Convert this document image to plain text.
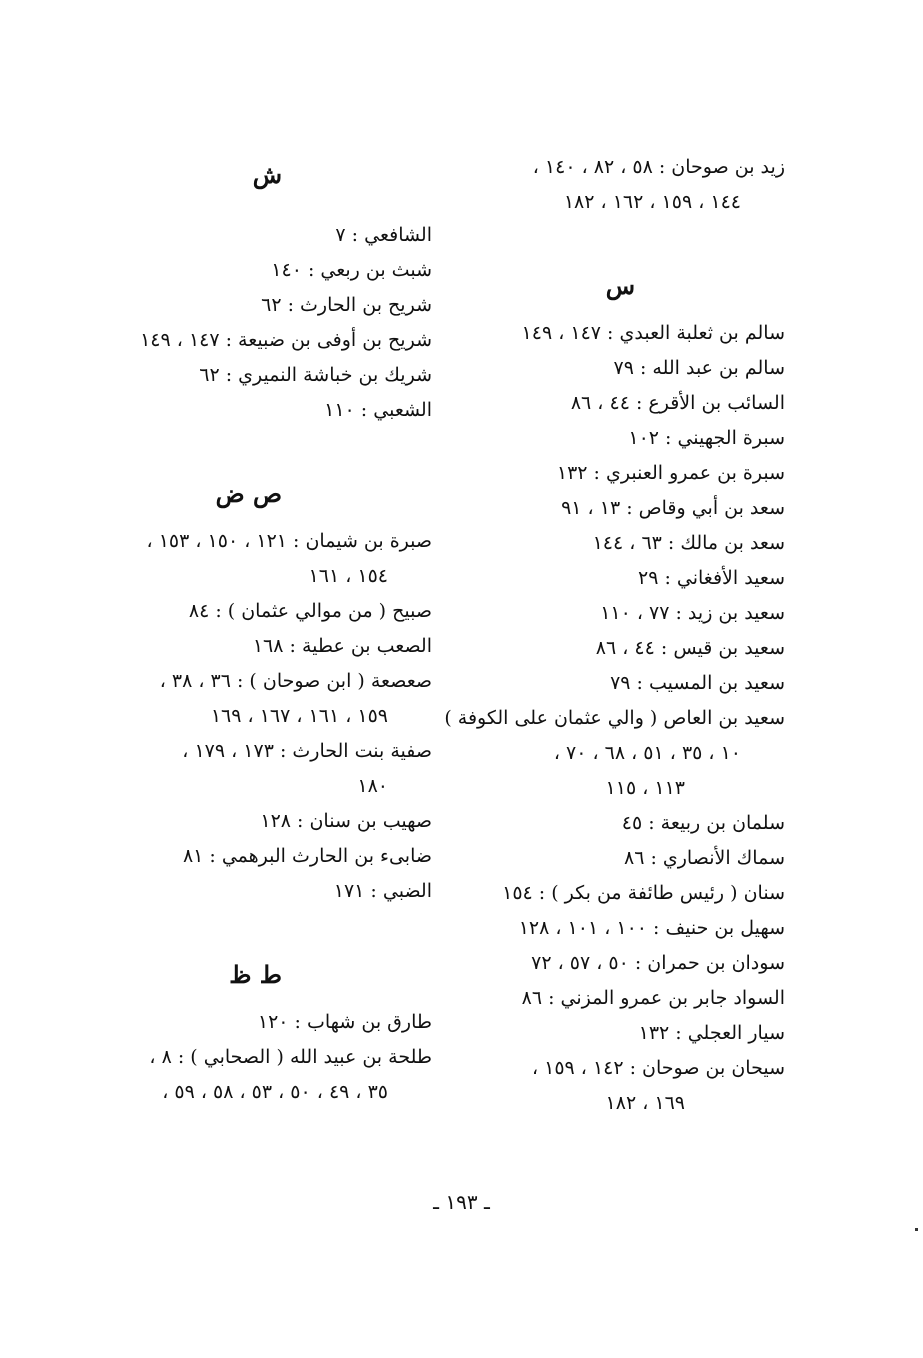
زيد بن صوحان : ٥٨ ، ٨٢ ، ١٤٠ ،
١٤٤ ، ١٥٩ ، ١٦٢ ، ١٨٢
س
سالم بن ثعلبة العبدي : ١٤٧ ، ١٤٩
سالم بن عبد الله : ٧٩
السائب بن الأقرع : ٤٤ ، ٨٦
سبرة الجهيني : ١٠٢
سبرة بن عمرو العنبري : ١٣٢
سعد بن أبي وقاص : ١٣ ، ٩١
سعد بن مالك : ٦٣ ، ١٤٤
سعيد الأفغاني : ٢٩
سعيد بن زيد : ٧٧ ، ١١٠
سعيد بن قيس : ٤٤ ، ٨٦
سعيد بن المسيب : ٧٩
سعيد بن العاص ( والي عثمان على الكوفة )
١٠ ، ٣٥ ، ٥١ ، ٦٨ ، ٧٠ ،
١١٣ ، ١١٥
سلمان بن ربيعة : ٤٥
سماك الأنصاري : ٨٦
سنان ( رئيس طائفة من بكر ) : ١٥٤
سهيل بن حنيف : ١٠٠ ، ١٠١ ، ١٢٨
سودان بن حمران : ٥٠ ، ٥٧ ، ٧٢
السواد جابر بن عمرو المزني : ٨٦
سيار العجلي : ١٣٢
سيحان بن صوحان : ١٤٢ ، ١٥٩ ،
١٦٩ ، ١٨٢
ش
الشافعي : ٧
شبث بن ربعي : ١٤٠
شريح بن الحارث : ٦٢
شريح بن أوفى بن ضبيعة : ١٤٧ ، ١٤٩
شريك بن خباشة النميري : ٦٢
الشعبي : ١١٠
ص ض
صبرة بن شيمان : ١٢١ ، ١٥٠ ، ١٥٣ ،
١٥٤ ، ١٦١
صبيح ( من موالي عثمان ) : ٨٤
الصعب بن عطية : ١٦٨
صعصعة ( ابن صوحان ) : ٣٦ ، ٣٨ ،
١٥٩ ، ١٦١ ، ١٦٧ ، ١٦٩
صفية بنت الحارث : ١٧٣ ، ١٧٩ ،
١٨٠
صهيب بن سنان : ١٢٨
ضابىء بن الحارث البرهمي : ٨١
الضبي : ١٧١
ط ظ
طارق بن شهاب : ١٢٠
طلحة بن عبيد الله ( الصحابي ) : ٨ ،
٣٥ ، ٤٩ ، ٥٠ ، ٥٣ ، ٥٨ ، ٥٩ ،
ـ ١٩٣ ـ
